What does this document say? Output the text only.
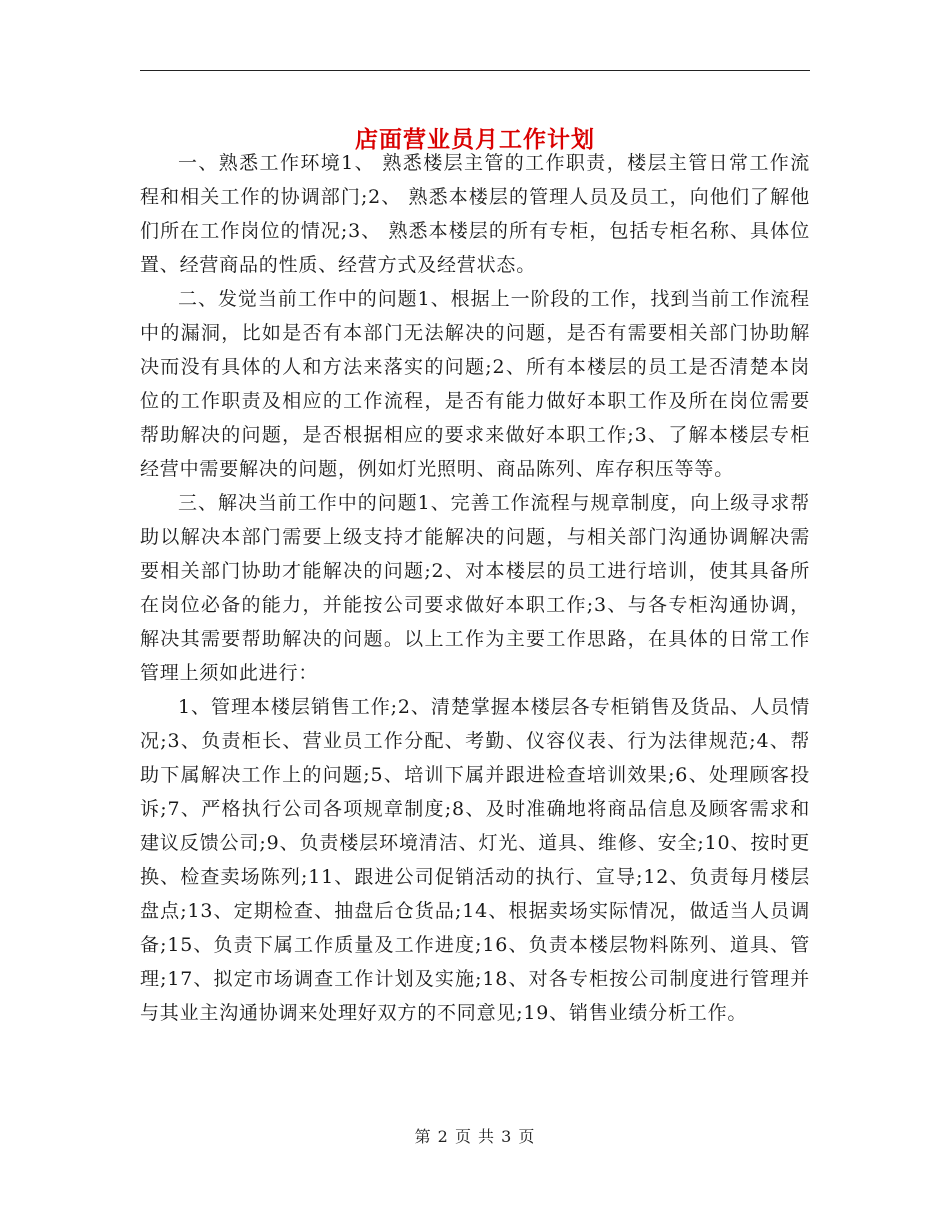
店面营业员月工作计划

一、熟悉工作环境1、 熟悉楼层主管的工作职责，楼层主管日常工作流程和相关工作的协调部门;2、 熟悉本楼层的管理人员及员工，向他们了解他们所在工作岗位的情况;3、 熟悉本楼层的所有专柜，包括专柜名称、具体位置、经营商品的性质、经营方式及经营状态。

二、发觉当前工作中的问题1、根据上一阶段的工作，找到当前工作流程中的漏洞，比如是否有本部门无法解决的问题，是否有需要相关部门协助解决而没有具体的人和方法来落实的问题;2、所有本楼层的员工是否清楚本岗位的工作职责及相应的工作流程，是否有能力做好本职工作及所在岗位需要帮助解决的问题，是否根据相应的要求来做好本职工作;3、了解本楼层专柜经营中需要解决的问题，例如灯光照明、商品陈列、库存积压等等。

三、解决当前工作中的问题1、完善工作流程与规章制度，向上级寻求帮助以解决本部门需要上级支持才能解决的问题，与相关部门沟通协调解决需要相关部门协助才能解决的问题;2、对本楼层的员工进行培训，使其具备所在岗位必备的能力，并能按公司要求做好本职工作;3、与各专柜沟通协调，解决其需要帮助解决的问题。以上工作为主要工作思路，在具体的日常工作管理上须如此进行：

1、管理本楼层销售工作;2、清楚掌握本楼层各专柜销售及货品、人员情况;3、负责柜长、营业员工作分配、考勤、仪容仪表、行为法律规范;4、帮助下属解决工作上的问题;5、培训下属并跟进检查培训效果;6、处理顾客投诉;7、严格执行公司各项规章制度;8、及时准确地将商品信息及顾客需求和建议反馈公司;9、负责楼层环境清洁、灯光、道具、维修、安全;10、按时更换、检查卖场陈列;11、跟进公司促销活动的执行、宣导;12、负责每月楼层盘点;13、定期检查、抽盘后仓货品;14、根据卖场实际情况，做适当人员调备;15、负责下属工作质量及工作进度;16、负责本楼层物料陈列、道具、管理;17、拟定市场调查工作计划及实施;18、对各专柜按公司制度进行管理并与其业主沟通协调来处理好双方的不同意见;19、销售业绩分析工作。

第 2 页 共 3 页
